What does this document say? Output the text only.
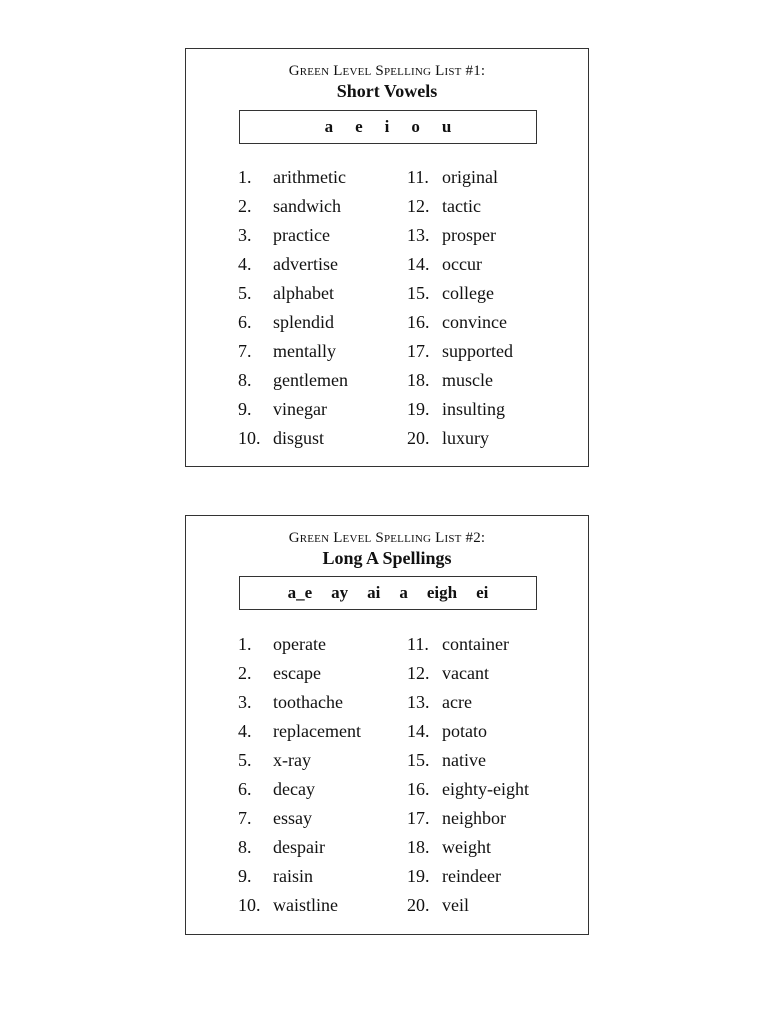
Green Level Spelling List #1:
Short Vowels
a e i o u
1.	arithmetic
2.	sandwich
3.	practice
4.	advertise
5.	alphabet
6.	splendid
7.	mentally
8.	gentlemen
9.	vinegar
10. disgust
11. original
12. tactic
13. prosper
14. occur
15. college
16. convince
17. supported
18. muscle
19. insulting
20. luxury
Green Level Spelling List #2:
Long A Spellings
a_e ay ai a eigh ei
1.	operate
2.	escape
3.	toothache
4.	replacement
5.	x-ray
6.	decay
7.	essay
8.	despair
9.	raisin
10. waistline
11. container
12. vacant
13. acre
14. potato
15. native
16. eighty-eight
17. neighbor
18. weight
19. reindeer
20. veil
